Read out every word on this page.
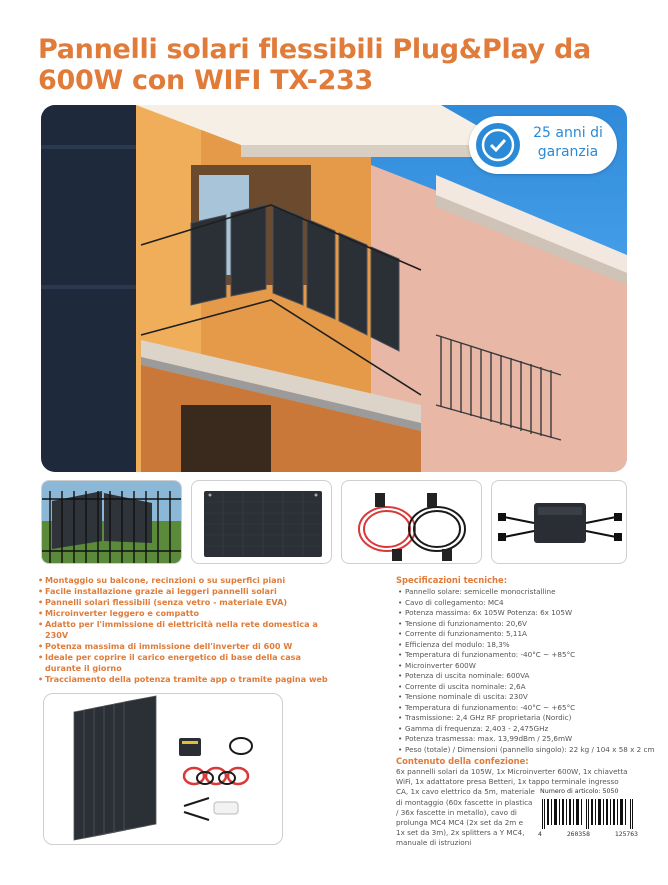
Pannelli solari flessibili Plug&Play da 600W con WIFI TX-233
25 anni di garanzia
• Montaggio su balcone, recinzioni o su superfici piani
• Facile installazione grazie ai leggeri pannelli solari
• Pannelli solari flessibili (senza vetro - materiale EVA)
• Microinverter leggero e compatto
• Adatto per l'immissione di elettricità nella rete domestica a 230V
• Potenza massima di immissione dell'inverter di 600 W
• Ideale per coprire il carico energetico di base della casa durante il giorno
• Tracciamento della potenza tramite app o tramite pagina web
Specificazioni tecniche:
• Pannello solare: semicelle monocristalline
• Cavo di collegamento: MC4
• Potenza massima: 6x 105W Potenza: 6x 105W
• Tensione di funzionamento: 20,6V
• Corrente di funzionamento: 5,11A
• Efficienza del modulo: 18,3%
• Temperatura di funzionamento: -40°C ~ +85°C
• Microinverter 600W
• Potenza di uscita nominale: 600VA
• Corrente di uscita nominale: 2,6A
• Tensione nominale di uscita: 230V
• Temperatura di funzionamento: -40°C ~ +65°C
• Trasmissione: 2,4 GHz RF proprietaria (Nordic)
• Gamma di frequenza: 2,403 - 2,475GHz
• Potenza trasmessa: max. 13,99dBm / 25,6mW
• Peso (totale) / Dimensioni (pannello singolo): 22 kg / 104 x 58 x 2 cm
Contenuto della confezione:
6x pannelli solari da 105W, 1x Microinverter 600W, 1x chiavetta
WiFi, 1x adattatore presa Betteri, 1x tappo terminale ingresso
CA, 1x cavo elettrico da 5m, materiale
di montaggio (60x fascette in plastica
/ 36x fascette in metallo), cavo di
prolunga MC4 MC4 (2x set da 2m e
1x set da 3m), 2x splitters a Y MC4,
manuale di istruzioni
Numero di articolo: 5050
4	260358	125763
